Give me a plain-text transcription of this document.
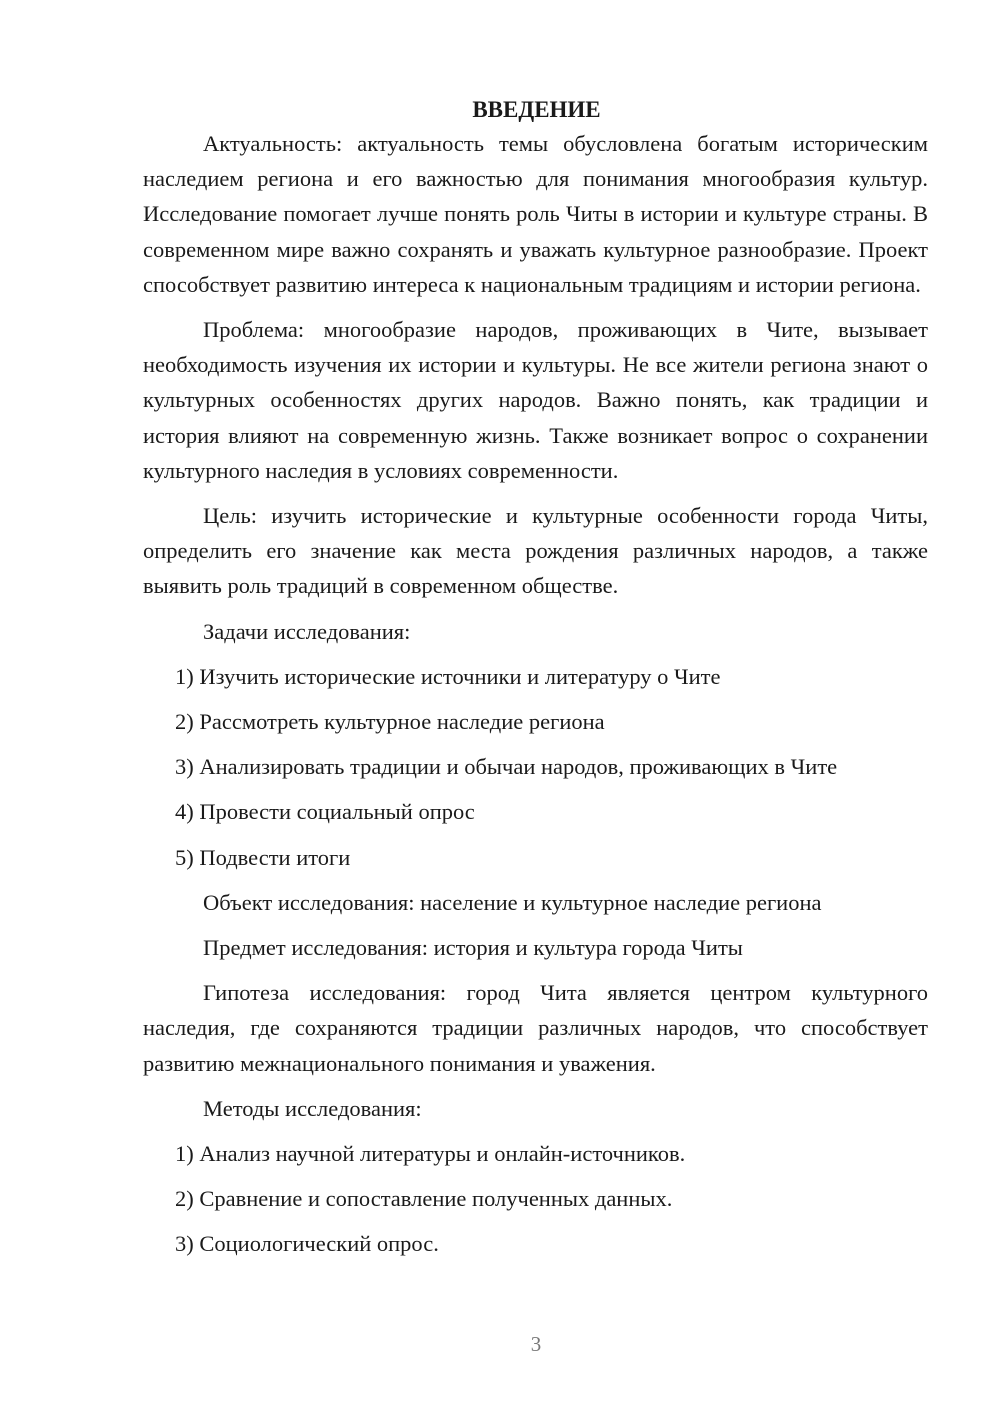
ВВЕДЕНИЕ

Актуальность: актуальность темы обусловлена богатым историческим наследием региона и его важностью для понимания многообразия культур. Исследование помогает лучше понять роль Читы в истории и культуре страны. В современном мире важно сохранять и уважать культурное разнообразие. Проект способствует развитию интереса к национальным традициям и истории региона.

Проблема: многообразие народов, проживающих в Чите, вызывает необходимость изучения их истории и культуры. Не все жители региона знают о культурных особенностях других народов. Важно понять, как традиции и история влияют на современную жизнь. Также возникает вопрос о сохранении культурного наследия в условиях современности.

Цель: изучить исторические и культурные особенности города Читы, определить его значение как места рождения различных народов, а также выявить роль традиций в современном обществе.

Задачи исследования:

1) Изучить исторические источники и литературу о Чите

2) Рассмотреть культурное наследие региона

3) Анализировать традиции и обычаи народов, проживающих в Чите

4) Провести социальный опрос

5) Подвести итоги

Объект исследования: население и культурное наследие региона

Предмет исследования: история и культура города Читы

Гипотеза исследования: город Чита является центром культурного наследия, где сохраняются традиции различных народов, что способствует развитию межнационального понимания и уважения.

Методы исследования:

1) Анализ научной литературы и онлайн-источников.

2) Сравнение и сопоставление полученных данных.

3) Социологический опрос.

3
